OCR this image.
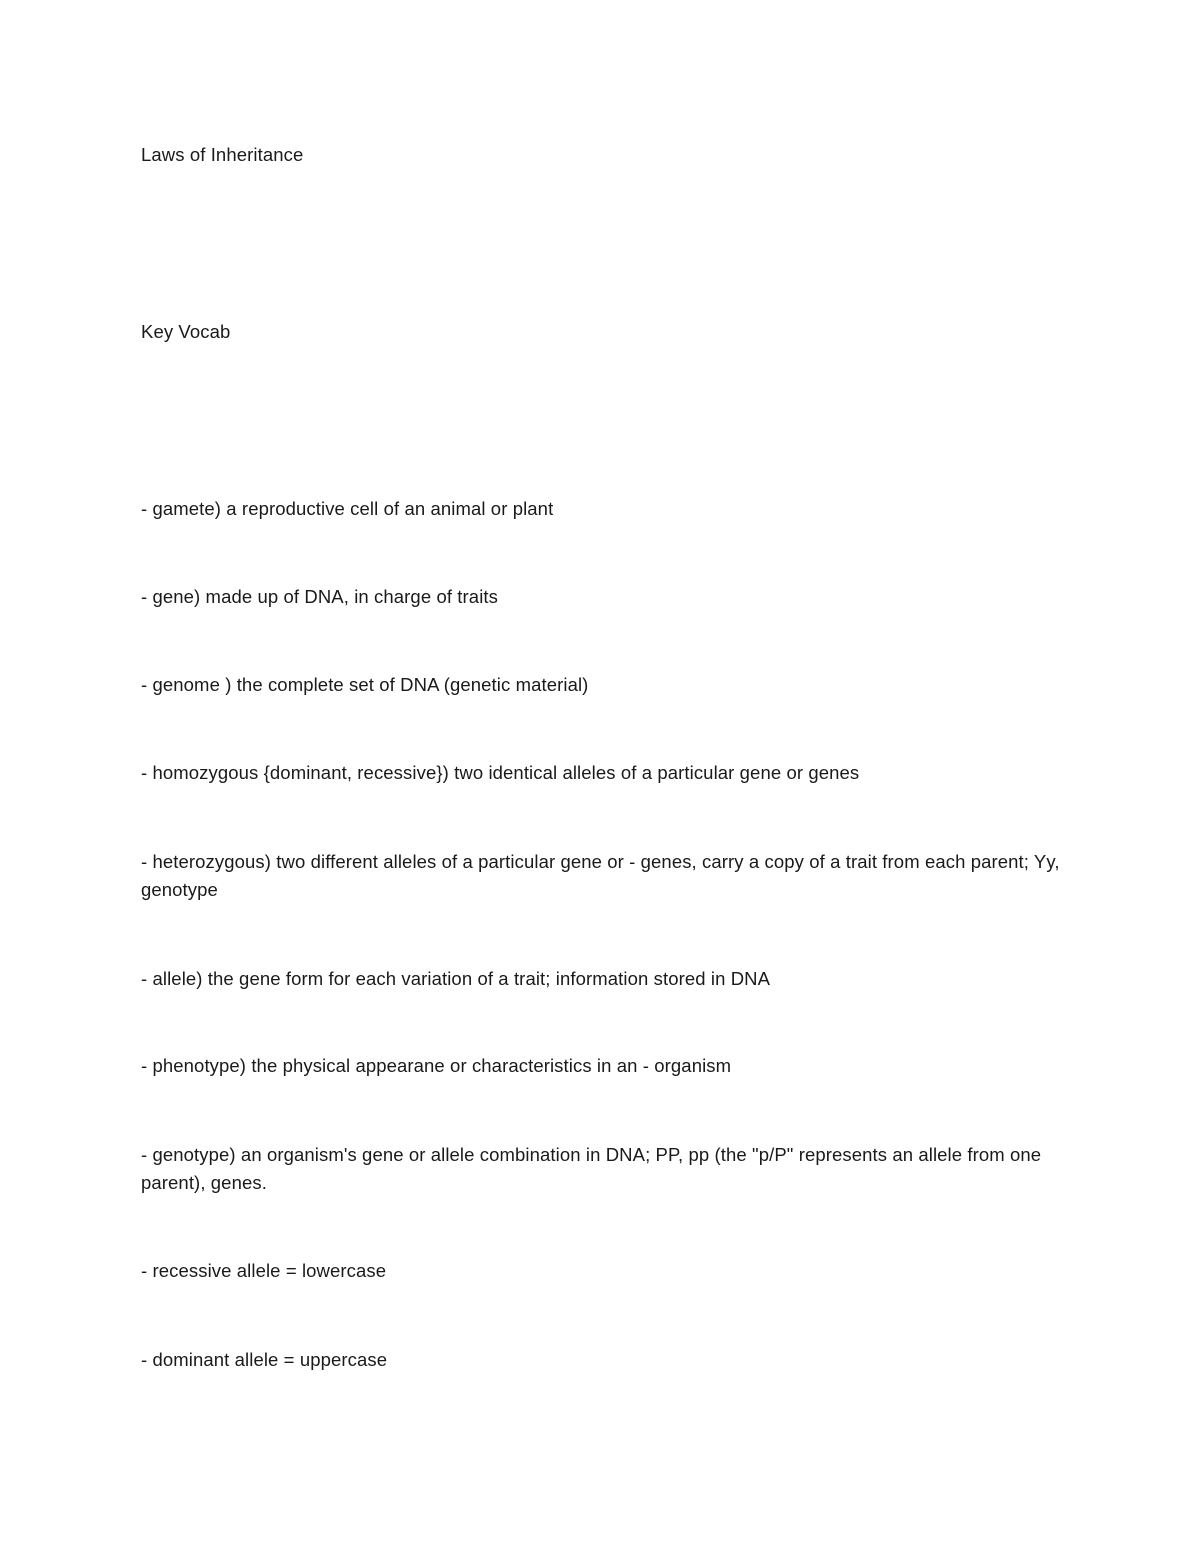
Laws of Inheritance
Key Vocab
- gamete) a reproductive cell of an animal or plant
- gene) made up of DNA, in charge of traits
- genome ) the complete set of DNA (genetic material)
- homozygous {dominant, recessive}) two identical alleles of a particular gene or genes
- heterozygous) two different alleles of a particular gene or - genes, carry a copy of a trait from each parent; Yy, genotype
- allele) the gene form for each variation of a trait; information stored in DNA
- phenotype) the physical appearane or characteristics in an - organism
- genotype) an organism's gene or allele combination in DNA; PP, pp (the "p/P" represents an allele from one parent), genes.
- recessive allele = lowercase
- dominant allele = uppercase
